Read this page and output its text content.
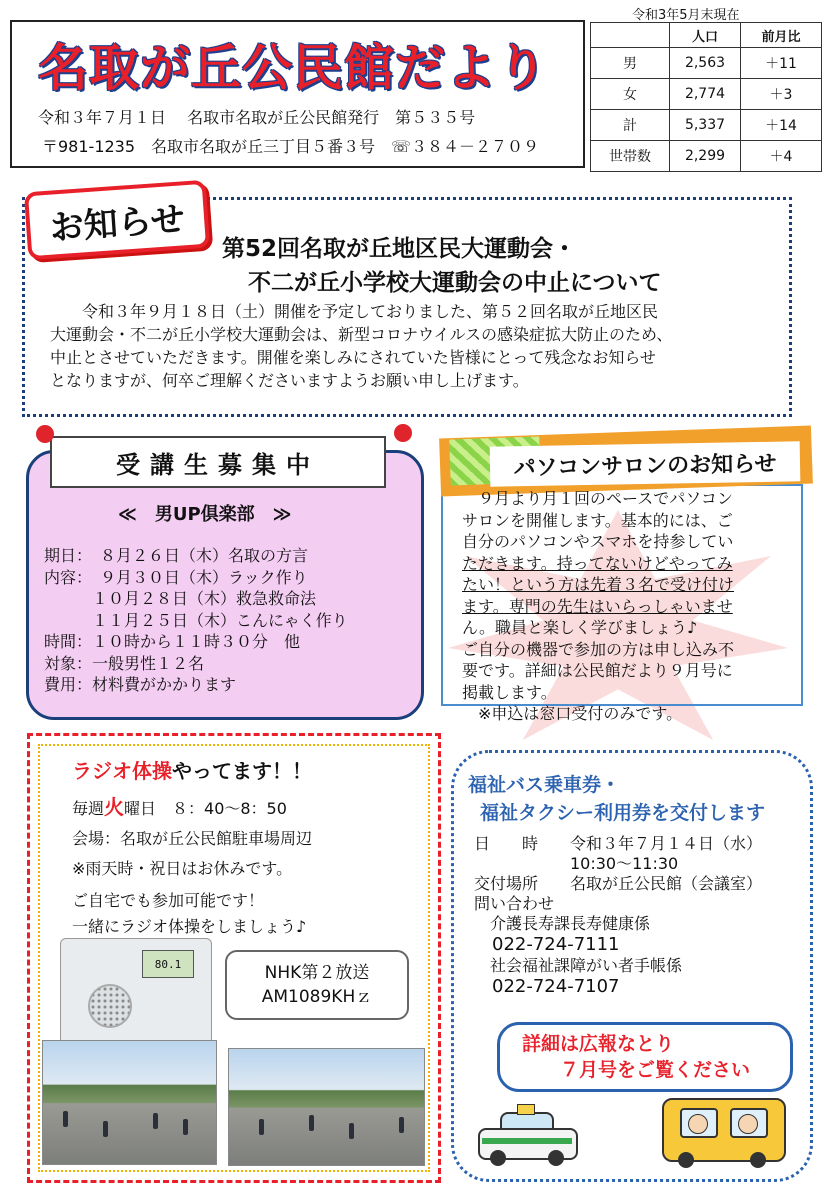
名取が丘公民館だより
令和３年７月１日　 名取市名取が丘公民館発行　第５３５号
〒981-1235　名取市名取が丘三丁目５番３号　☏３８４－２７０９
令和3年5月末現在
	人口	前月比
男	2,563	＋11
女	2,774	＋3
計	5,337	＋14
世帯数	2,299	＋4
お知らせ
第52回名取が丘地区民大運動会・
不二が丘小学校大運動会の中止について
令和３年９月１８日（土）開催を予定しておりました、第５２回名取が丘地区民
大運動会・不二が丘小学校大運動会は、新型コロナウイルスの感染症拡大防止のため、
中止とさせていただきます。開催を楽しみにされていた皆様にとって残念なお知らせ
となりますが、何卒ご理解くださいますようお願い申し上げます。
受講生募集中
≪　男UP倶楽部　≫
期日：　８月２６日（木）名取の方言
内容：　９月３０日（木）ラック作り
　　　１０月２８日（木）救急救命法
　　　１１月２５日（木）こんにゃく作り
時間：１０時から１１時３０分　他
対象：一般男性１２名
費用：材料費がかかります
パソコンサロンのお知らせ
　９月より月１回のペースでパソコン
サロンを開催します。基本的には、ご
自分のパソコンやスマホを持参してい
ただきます。持ってないけどやってみ
たい！という方は先着３名で受け付け
ます。専門の先生はいらっしゃいませ
ん。職員と楽しく学びましょう♪
ご自分の機器で参加の方は申し込み不
要です。詳細は公民館だより９月号に
掲載します。
　※申込は窓口受付のみです。
ラジオ体操やってます！！
毎週火曜日　８：40～8：50
会場：名取が丘公民館駐車場周辺
※雨天時・祝日はお休みです。
ご自宅でも参加可能です！
一緒にラジオ体操をしましょう♪
80.1	NHK第２放送
AM1089KHｚ
福祉バス乗車券・
福祉タクシー利用券を交付します
日　　時　　令和３年７月１４日（水）
　　　　　　10:30～11:30
交付場所　　名取が丘公民館（会議室）
問い合わせ
　介護長寿課長寿健康係
　022-724-7111
　社会福祉課障がい者手帳係
　022-724-7107
詳細は広報なとり
　　７月号をご覧ください
